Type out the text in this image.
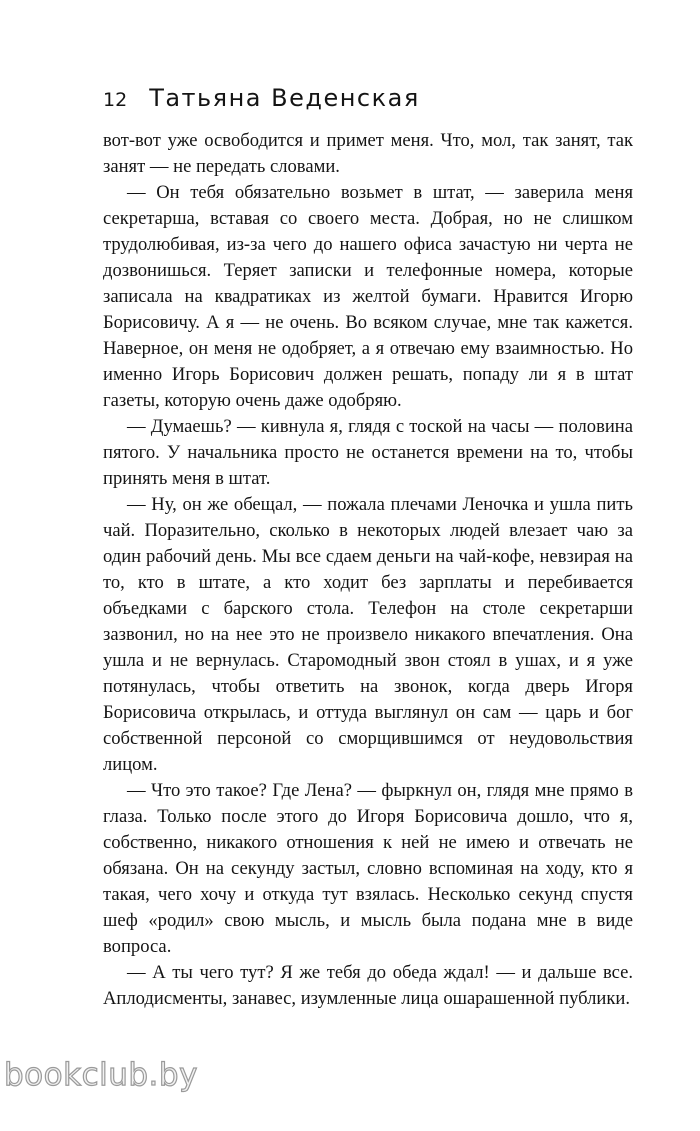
12 Татьяна Веденская

вот-вот уже освободится и примет меня. Что, мол, так занят, так занят — не передать словами.

— Он тебя обязательно возьмет в штат, — заверила меня секретарша, вставая со своего места. Добрая, но не слишком трудолюбивая, из-за чего до нашего офиса зачастую ни черта не дозвонишься. Теряет записки и телефонные номера, которые записала на квадратиках из желтой бумаги. Нравится Игорю Борисовичу. А я — не очень. Во всяком случае, мне так кажется. Наверное, он меня не одобряет, а я отвечаю ему взаимностью. Но именно Игорь Борисович должен решать, попаду ли я в штат газеты, которую очень даже одобряю.

— Думаешь? — кивнула я, глядя с тоской на часы — половина пятого. У начальника просто не останется времени на то, чтобы принять меня в штат.

— Ну, он же обещал, — пожала плечами Леночка и ушла пить чай. Поразительно, сколько в некоторых людей влезает чаю за один рабочий день. Мы все сдаем деньги на чай-кофе, невзирая на то, кто в штате, а кто ходит без зарплаты и перебивается объедками с барского стола. Телефон на столе секретарши зазвонил, но на нее это не произвело никакого впечатления. Она ушла и не вернулась. Старомодный звон стоял в ушах, и я уже потянулась, чтобы ответить на звонок, когда дверь Игоря Борисовича открылась, и оттуда выглянул он сам — царь и бог собственной персоной со сморщившимся от неудовольствия лицом.

— Что это такое? Где Лена? — фыркнул он, глядя мне прямо в глаза. Только после этого до Игоря Борисовича дошло, что я, собственно, никакого отношения к ней не имею и отвечать не обязана. Он на секунду застыл, словно вспоминая на ходу, кто я такая, чего хочу и откуда тут взялась. Несколько секунд спустя шеф «родил» свою мысль, и мысль была подана мне в виде вопроса.

— А ты чего тут? Я же тебя до обеда ждал! — и дальше все. Аплодисменты, занавес, изумленные лица ошарашенной публики.

bookclub.by
